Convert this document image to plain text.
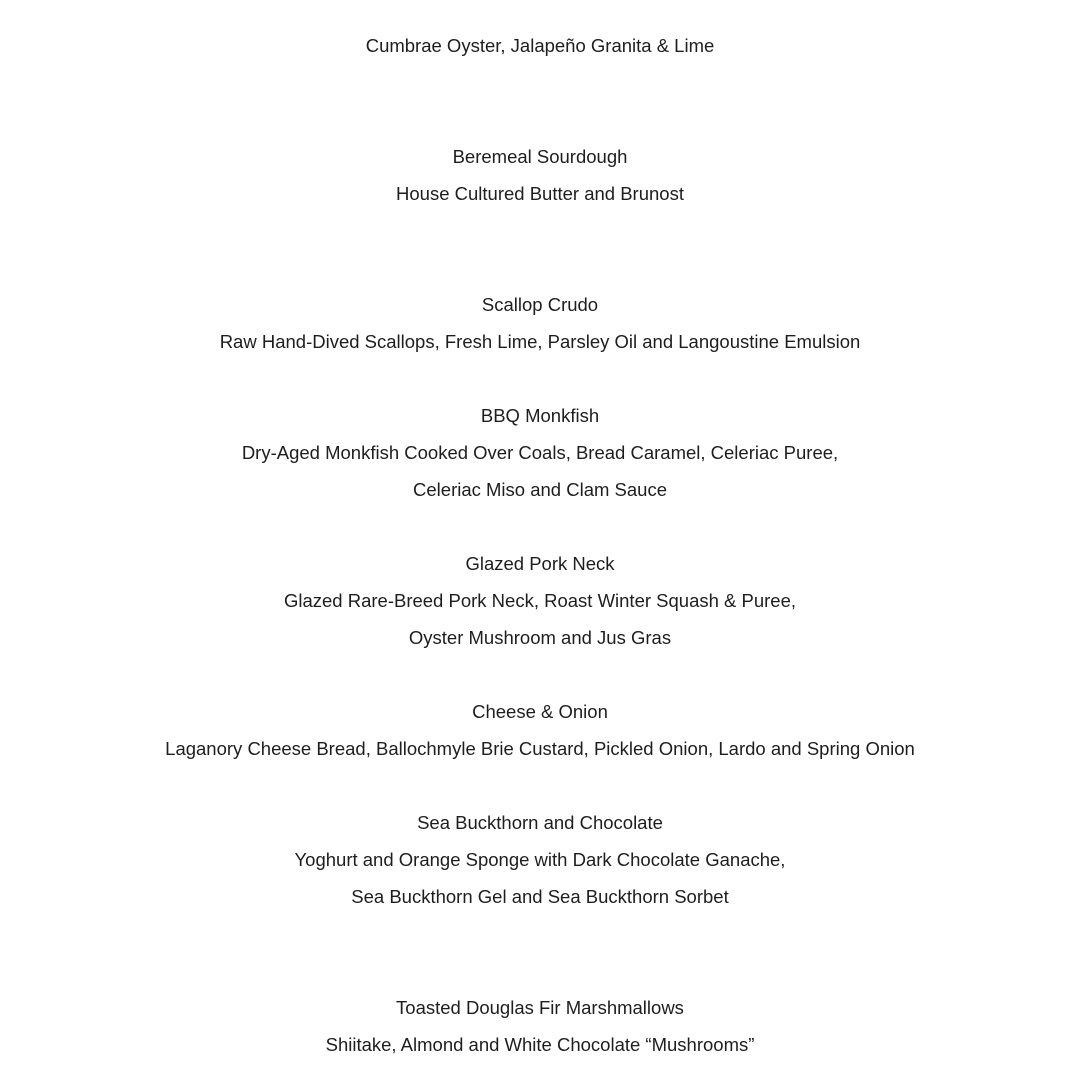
Cumbrae Oyster, Jalapeño Granita & Lime
Beremeal Sourdough
House Cultured Butter and Brunost
Scallop Crudo
Raw Hand-Dived Scallops, Fresh Lime, Parsley Oil and Langoustine Emulsion
BBQ Monkfish
Dry-Aged Monkfish Cooked Over Coals, Bread Caramel, Celeriac Puree,
Celeriac Miso and Clam Sauce
Glazed Pork Neck
Glazed Rare-Breed Pork Neck, Roast Winter Squash & Puree,
Oyster Mushroom and Jus Gras
Cheese & Onion
Laganory Cheese Bread, Ballochmyle Brie Custard, Pickled Onion, Lardo and Spring Onion
Sea Buckthorn and Chocolate
Yoghurt and Orange Sponge with Dark Chocolate Ganache,
Sea Buckthorn Gel and Sea Buckthorn Sorbet
Toasted Douglas Fir Marshmallows
Shiitake, Almond and White Chocolate “Mushrooms”
